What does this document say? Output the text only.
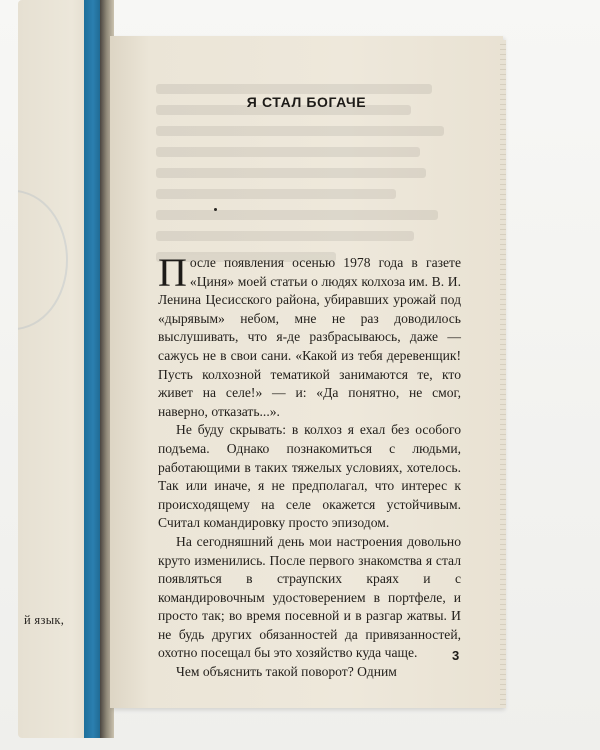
й язык,
Я СТАЛ БОГАЧЕ

После появления осенью 1978 года в газете «Циня» моей статьи о людях колхоза им. В. И. Ленина Цесисского района, убиравших урожай под «дырявым» небом, мне не раз доводилось выслушивать, что я-де разбрасываюсь, даже — сажусь не в свои сани. «Какой из тебя деревенщик! Пусть колхозной тематикой занимаются те, кто живет на селе!» — и: «Да понятно, не смог, наверно, отказать...».

Не буду скрывать: в колхоз я ехал без особого подъема. Однако познакомиться с людьми, работающими в таких тяжелых условиях, хотелось. Так или иначе, я не предполагал, что интерес к происходящему на селе окажется устойчивым. Считал командировку просто эпизодом.

На сегодняшний день мои настроения довольно круто изменились. После первого знакомства я стал появляться в страупских краях и с командировочным удостоверением в портфеле, и просто так; во время посевной и в разгар жатвы. И не будь других обязанностей да привязанностей, охотно посещал бы это хозяйство куда чаще.

Чем объяснить такой поворот? Одним

3
